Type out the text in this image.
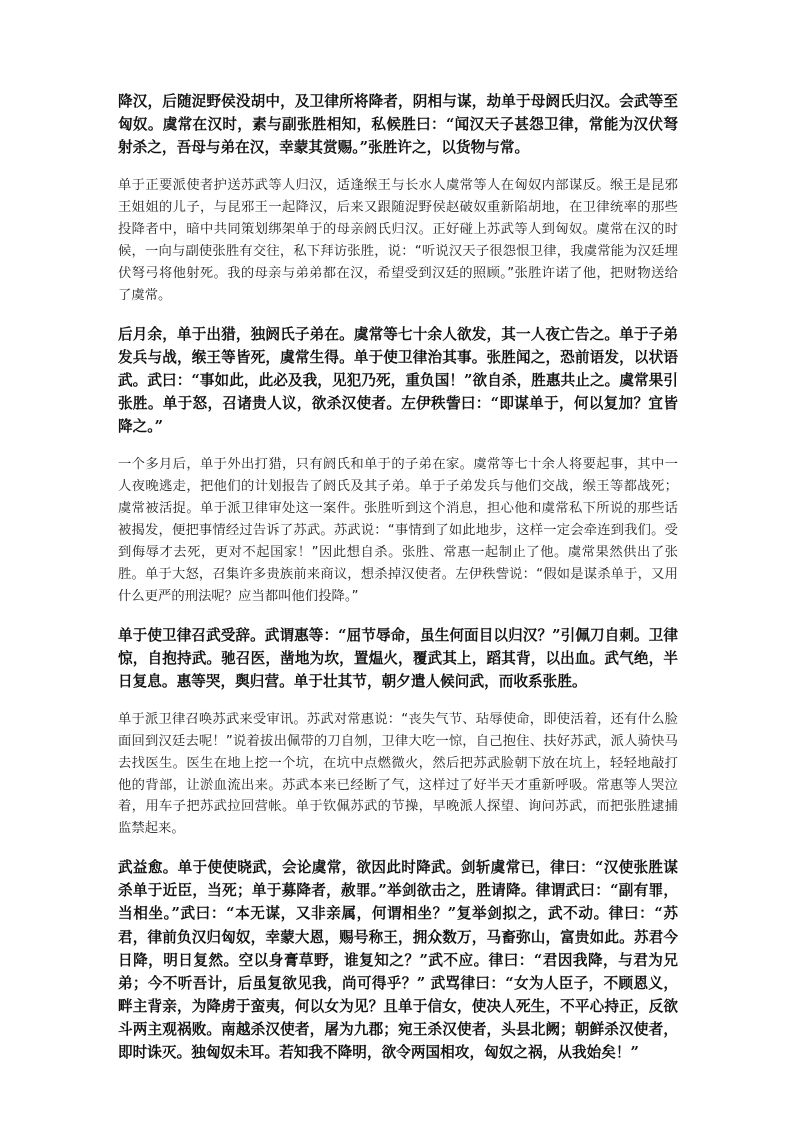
降汉，后随浞野侯没胡中，及卫律所将降者，阴相与谋，劫单于母阏氏归汉。会武等至匈奴。虞常在汉时，素与副张胜相知，私候胜曰：“闻汉天子甚怨卫律，常能为汉伏弩射杀之，吾母与弟在汉，幸蒙其赏赐。”张胜许之，以货物与常。

单于正要派使者护送苏武等人归汉，适逢缑王与长水人虞常等人在匈奴内部谋反。缑王是昆邪王姐姐的儿子，与昆邪王一起降汉，后来又跟随浞野侯赵破奴重新陷胡地，在卫律统率的那些投降者中，暗中共同策划绑架单于的母亲阏氏归汉。正好碰上苏武等人到匈奴。虞常在汉的时候，一向与副使张胜有交往，私下拜访张胜，说：“听说汉天子很怨恨卫律，我虞常能为汉廷埋伏弩弓将他射死。我的母亲与弟弟都在汉，希望受到汉廷的照顾。”张胜许诺了他，把财物送给了虞常。

后月余，单于出猎，独阏氏子弟在。虞常等七十余人欲发，其一人夜亡告之。单于子弟发兵与战，缑王等皆死，虞常生得。单于使卫律治其事。张胜闻之，恐前语发，以状语武。武曰：“事如此，此必及我，见犯乃死，重负国！”欲自杀，胜惠共止之。虞常果引张胜。单于怒，召诸贵人议，欲杀汉使者。左伊秩訾曰：“即谋单于，何以复加？宜皆降之。”

一个多月后，单于外出打猎，只有阏氏和单于的子弟在家。虞常等七十余人将要起事，其中一人夜晚逃走，把他们的计划报告了阏氏及其子弟。单于子弟发兵与他们交战，缑王等都战死；虞常被活捉。单于派卫律审处这一案件。张胜听到这个消息，担心他和虞常私下所说的那些话被揭发，便把事情经过告诉了苏武。苏武说：“事情到了如此地步，这样一定会牵连到我们。受到侮辱才去死，更对不起国家！”因此想自杀。张胜、常惠一起制止了他。虞常果然供出了张胜。单于大怒，召集许多贵族前来商议，想杀掉汉使者。左伊秩訾说：“假如是谋杀单于，又用什么更严的刑法呢？应当都叫他们投降。”

单于使卫律召武受辞。武谓惠等：“屈节辱命，虽生何面目以归汉？”引佩刀自刺。卫律惊，自抱持武。驰召医，凿地为坎，置煴火，覆武其上，蹈其背，以出血。武气绝，半日复息。惠等哭，舆归营。单于壮其节，朝夕遣人候问武，而收系张胜。

单于派卫律召唤苏武来受审讯。苏武对常惠说：“丧失气节、玷辱使命，即使活着，还有什么脸面回到汉廷去呢！”说着拔出佩带的刀自刎，卫律大吃一惊，自己抱住、扶好苏武，派人骑快马去找医生。医生在地上挖一个坑，在坑中点燃微火，然后把苏武脸朝下放在坑上，轻轻地敲打他的背部，让淤血流出来。苏武本来已经断了气，这样过了好半天才重新呼吸。常惠等人哭泣着，用车子把苏武拉回营帐。单于钦佩苏武的节操，早晚派人探望、询问苏武，而把张胜逮捕监禁起来。

武益愈。单于使使晓武，会论虞常，欲因此时降武。剑斩虞常已，律曰：“汉使张胜谋杀单于近臣，当死；单于募降者，赦罪。”举剑欲击之，胜请降。律谓武曰：“副有罪，当相坐。”武曰：“本无谋，又非亲属，何谓相坐？”复举剑拟之，武不动。律曰：“苏君，律前负汉归匈奴，幸蒙大恩，赐号称王，拥众数万，马畜弥山，富贵如此。苏君今日降，明日复然。空以身膏草野，谁复知之？”武不应。律曰：“君因我降，与君为兄弟；今不听吾计，后虽复欲见我，尚可得乎？” 武骂律曰：“女为人臣子，不顾恩义，畔主背亲，为降虏于蛮夷，何以女为见？且单于信女，使决人死生，不平心持正，反欲斗两主观祸败。南越杀汉使者，屠为九郡；宛王杀汉使者，头县北阙；朝鲜杀汉使者，即时诛灭。独匈奴未耳。若知我不降明，欲令两国相攻，匈奴之祸，从我始矣！”
